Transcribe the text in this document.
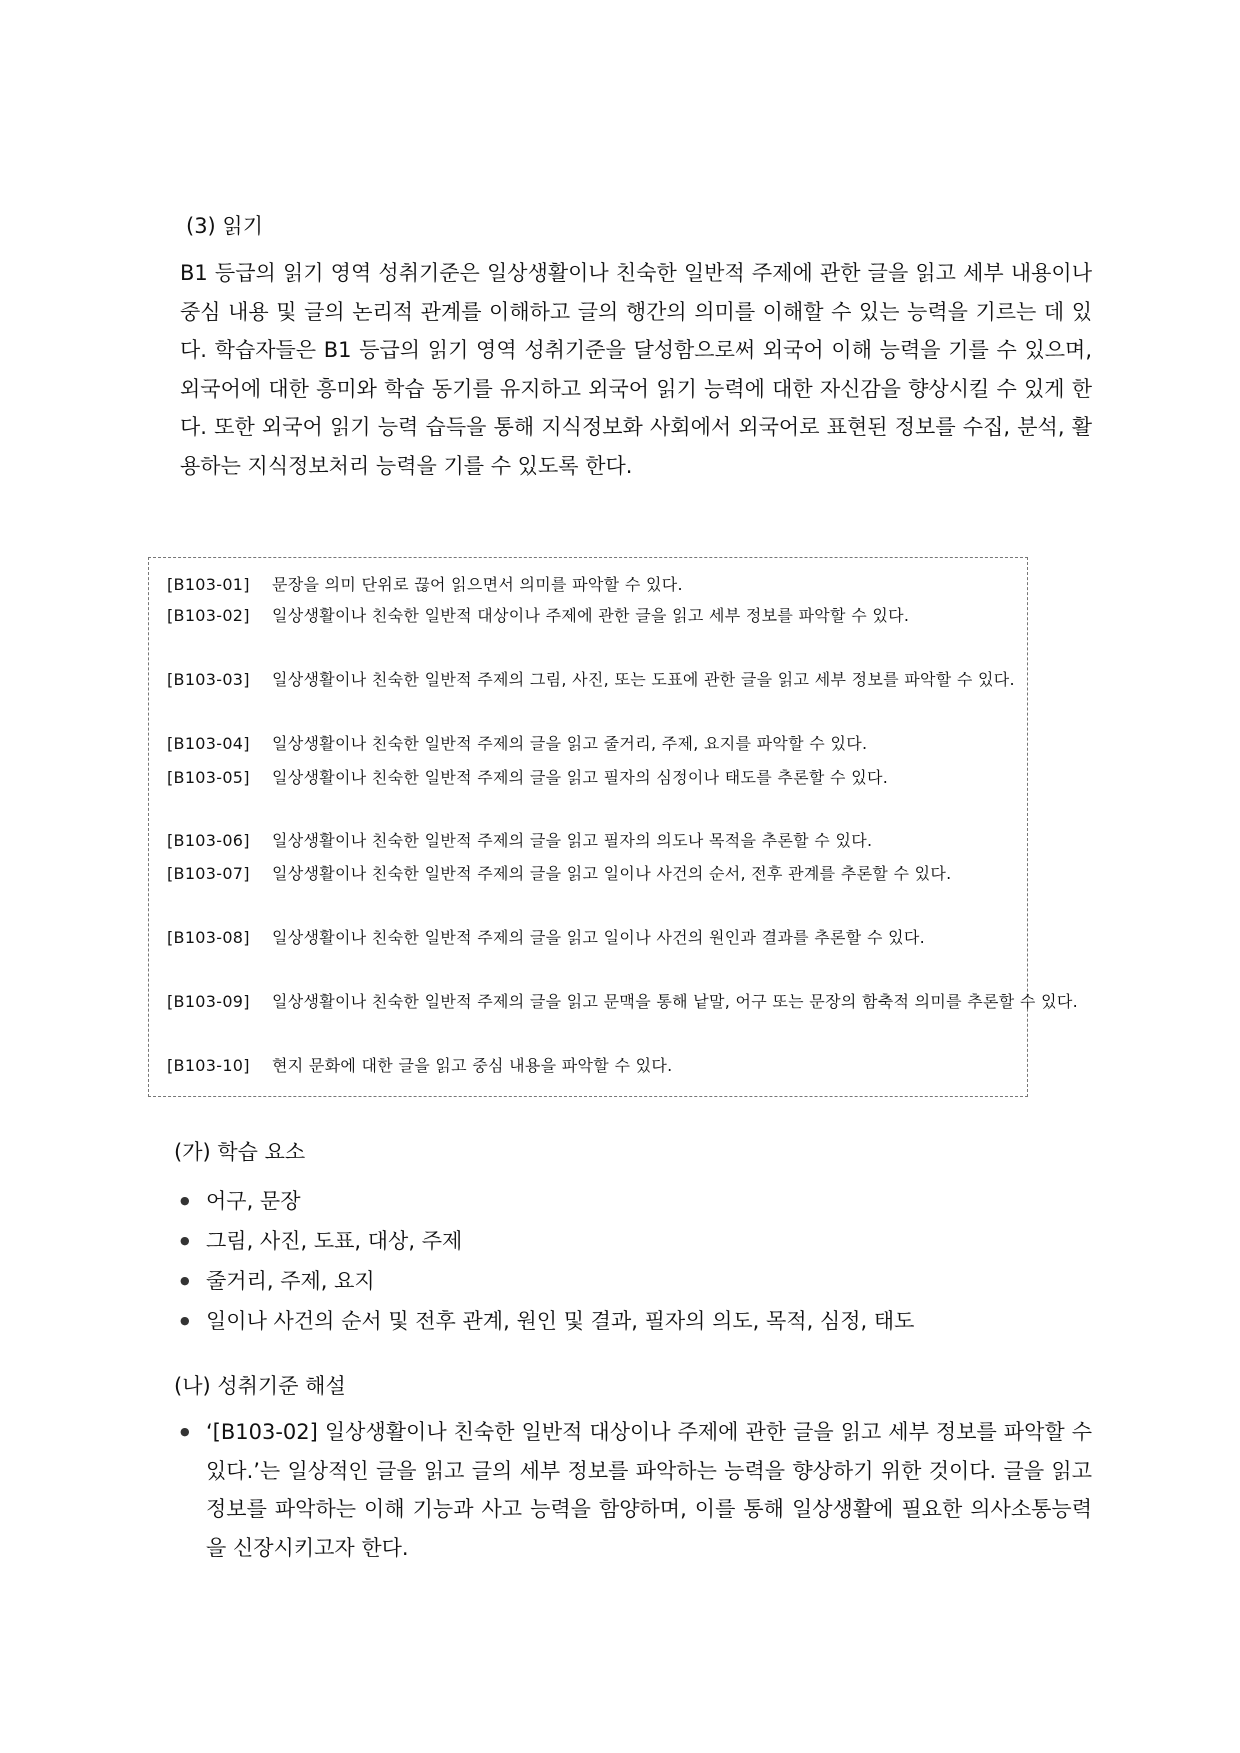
(3) 읽기
B1 등급의 읽기 영역 성취기준은 일상생활이나 친숙한 일반적 주제에 관한 글을 읽고 세부 내용이나 중심 내용 및 글의 논리적 관계를 이해하고 글의 행간의 의미를 이해할 수 있는 능력을 기르는 데 있다. 학습자들은 B1 등급의 읽기 영역 성취기준을 달성함으로써 외국어 이해 능력을 기를 수 있으며, 외국어에 대한 흥미와 학습 동기를 유지하고 외국어 읽기 능력에 대한 자신감을 향상시킬 수 있게 한다. 또한 외국어 읽기 능력 습득을 통해 지식정보화 사회에서 외국어로 표현된 정보를 수집, 분석, 활용하는 지식정보처리 능력을 기를 수 있도록 한다.
[B103-01] 문장을 의미 단위로 끊어 읽으면서 의미를 파악할 수 있다.
[B103-02] 일상생활이나 친숙한 일반적 대상이나 주제에 관한 글을 읽고 세부 정보를 파악할 수 있다.
[B103-03] 일상생활이나 친숙한 일반적 주제의 그림, 사진, 또는 도표에 관한 글을 읽고 세부 정보를 파악할 수 있다.
[B103-04] 일상생활이나 친숙한 일반적 주제의 글을 읽고 줄거리, 주제, 요지를 파악할 수 있다.
[B103-05] 일상생활이나 친숙한 일반적 주제의 글을 읽고 필자의 심정이나 태도를 추론할 수 있다.
[B103-06] 일상생활이나 친숙한 일반적 주제의 글을 읽고 필자의 의도나 목적을 추론할 수 있다.
[B103-07] 일상생활이나 친숙한 일반적 주제의 글을 읽고 일이나 사건의 순서, 전후 관계를 추론할 수 있다.
[B103-08] 일상생활이나 친숙한 일반적 주제의 글을 읽고 일이나 사건의 원인과 결과를 추론할 수 있다.
[B103-09] 일상생활이나 친숙한 일반적 주제의 글을 읽고 문맥을 통해 낱말, 어구 또는 문장의 함축적 의미를 추론할 수 있다.
[B103-10] 현지 문화에 대한 글을 읽고 중심 내용을 파악할 수 있다.
(가) 학습 요소
● 어구, 문장
● 그림, 사진, 도표, 대상, 주제
● 줄거리, 주제, 요지
● 일이나 사건의 순서 및 전후 관계, 원인 및 결과, 필자의 의도, 목적, 심정, 태도
(나) 성취기준 해설
● ‘[B103-02] 일상생활이나 친숙한 일반적 대상이나 주제에 관한 글을 읽고 세부 정보를 파악할 수 있다.’는 일상적인 글을 읽고 글의 세부 정보를 파악하는 능력을 향상하기 위한 것이다. 글을 읽고 정보를 파악하는 이해 기능과 사고 능력을 함양하며, 이를 통해 일상생활에 필요한 의사소통능력을 신장시키고자 한다.
